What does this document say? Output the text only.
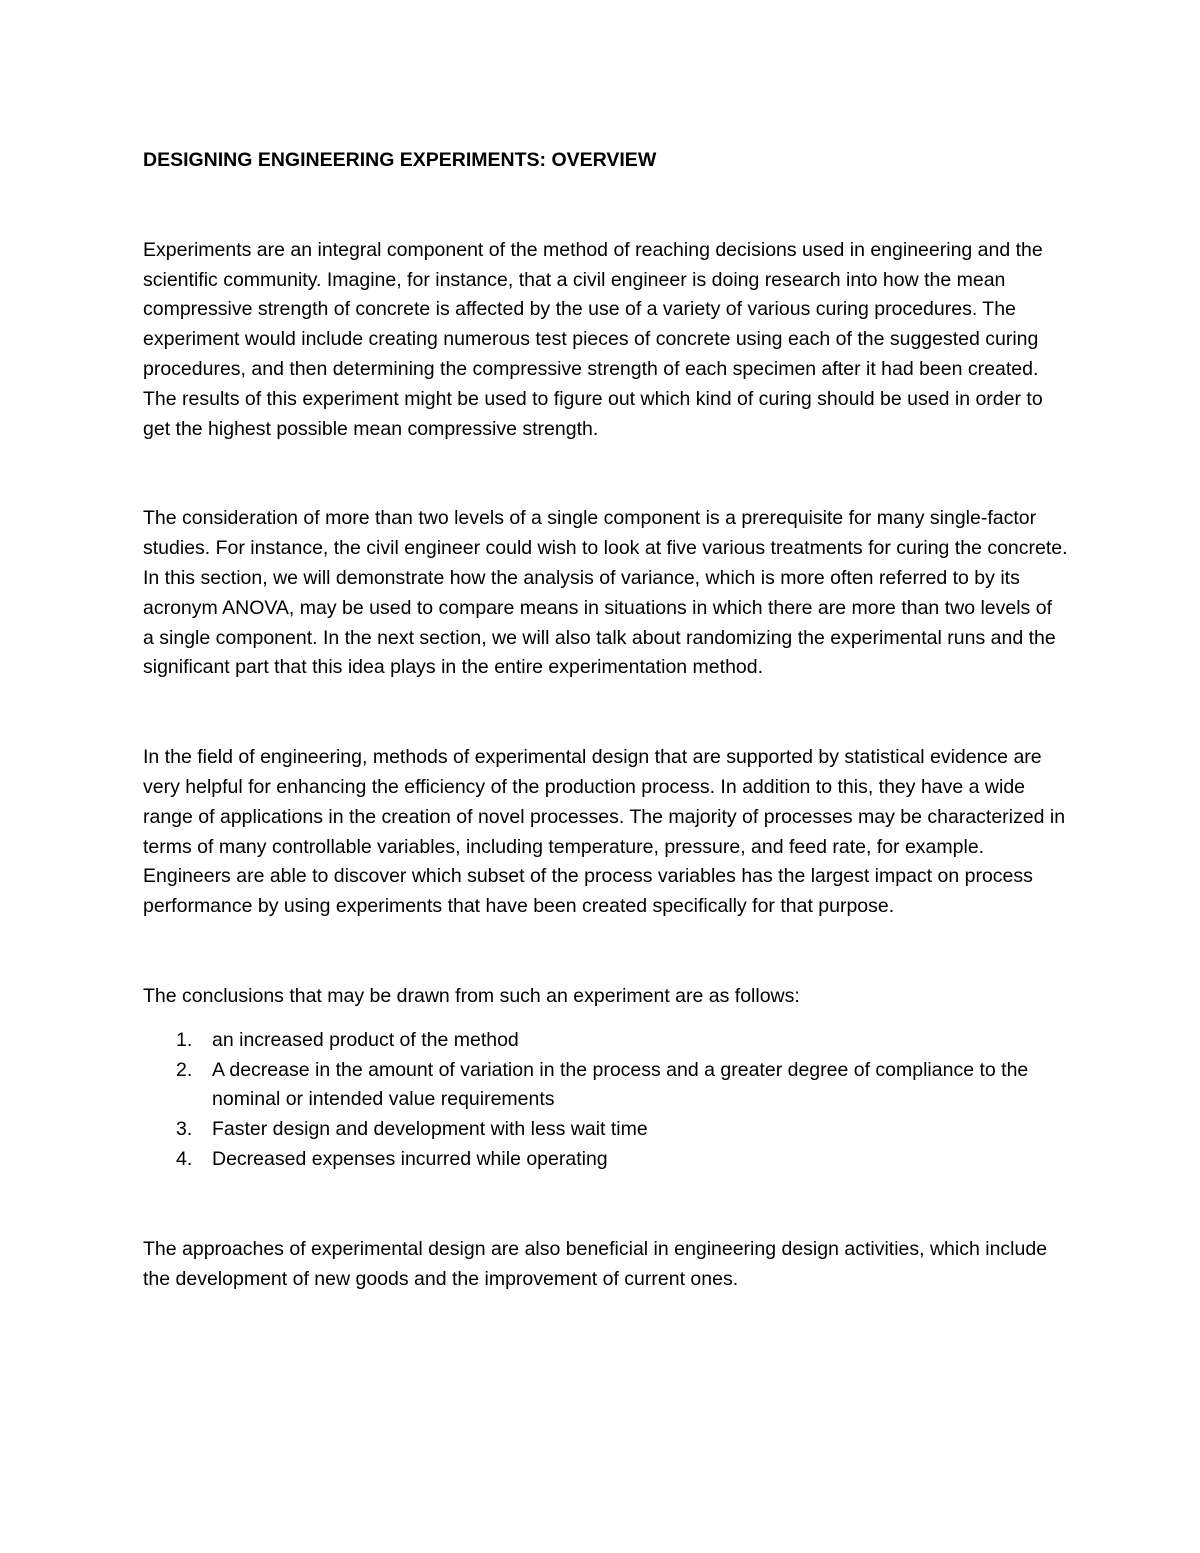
DESIGNING ENGINEERING EXPERIMENTS: OVERVIEW

Experiments are an integral component of the method of reaching decisions used in engineering and the scientific community. Imagine, for instance, that a civil engineer is doing research into how the mean compressive strength of concrete is affected by the use of a variety of various curing procedures. The experiment would include creating numerous test pieces of concrete using each of the suggested curing procedures, and then determining the compressive strength of each specimen after it had been created. The results of this experiment might be used to figure out which kind of curing should be used in order to get the highest possible mean compressive strength.

The consideration of more than two levels of a single component is a prerequisite for many single-factor studies. For instance, the civil engineer could wish to look at five various treatments for curing the concrete. In this section, we will demonstrate how the analysis of variance, which is more often referred to by its acronym ANOVA, may be used to compare means in situations in which there are more than two levels of a single component. In the next section, we will also talk about randomizing the experimental runs and the significant part that this idea plays in the entire experimentation method.

In the field of engineering, methods of experimental design that are supported by statistical evidence are very helpful for enhancing the efficiency of the production process. In addition to this, they have a wide range of applications in the creation of novel processes. The majority of processes may be characterized in terms of many controllable variables, including temperature, pressure, and feed rate, for example. Engineers are able to discover which subset of the process variables has the largest impact on process performance by using experiments that have been created specifically for that purpose.

The conclusions that may be drawn from such an experiment are as follows:

1. an increased product of the method
2. A decrease in the amount of variation in the process and a greater degree of compliance to the nominal or intended value requirements
3. Faster design and development with less wait time
4. Decreased expenses incurred while operating

The approaches of experimental design are also beneficial in engineering design activities, which include the development of new goods and the improvement of current ones.
